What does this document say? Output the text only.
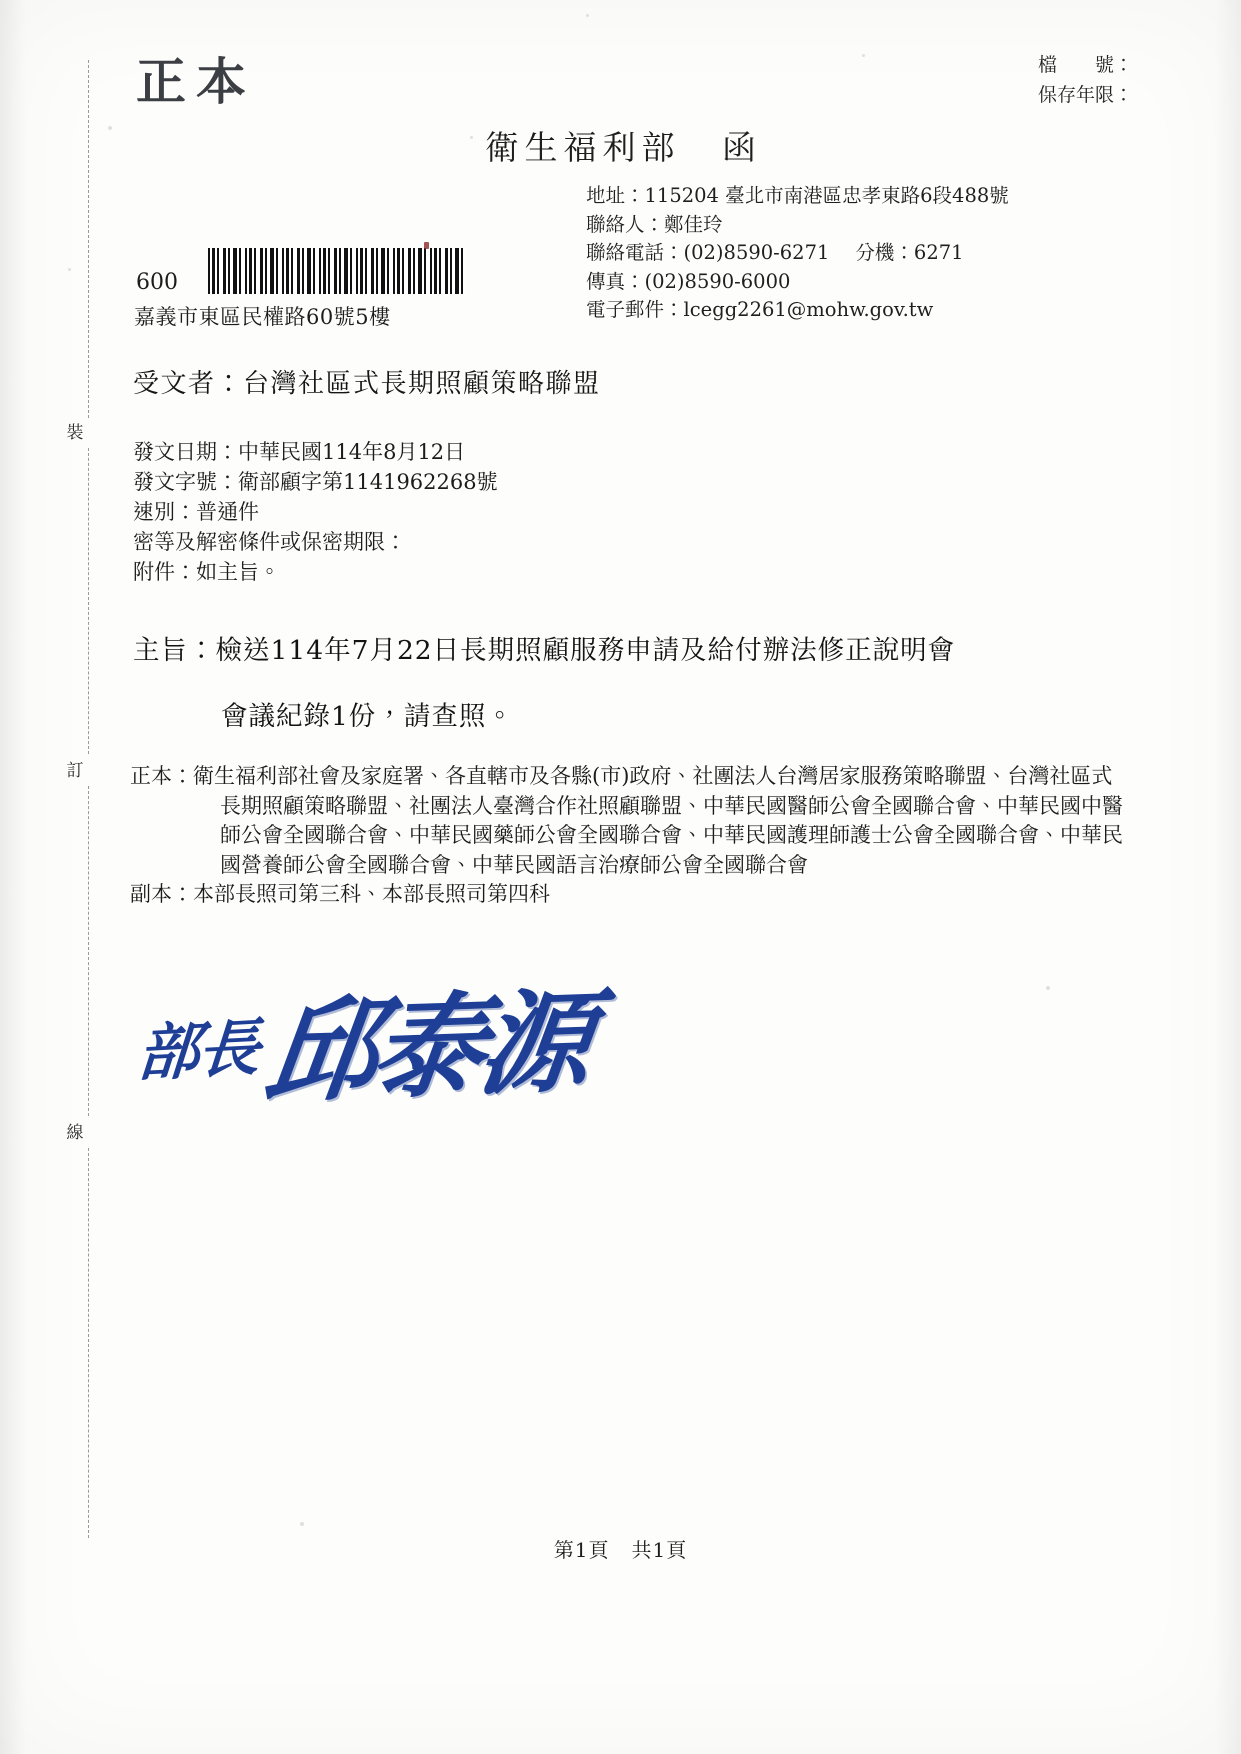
裝
訂
線
正本	檔　　號：
保存年限：
衛生福利部 函
地址：115204 臺北市南港區忠孝東路6段488號
聯絡人：鄭佳玲
聯絡電話：(02)8590-6271 分機：6271
傳真：(02)8590-6000
電子郵件：lcegg2261@mohw.gov.tw
600
嘉義市東區民權路60號5樓
受文者：台灣社區式長期照顧策略聯盟
發文日期：中華民國114年8月12日
發文字號：衛部顧字第1141962268號
速別：普通件
密等及解密條件或保密期限：
附件：如主旨。
主旨：檢送114年7月22日長期照顧服務申請及給付辦法修正說明會
會議紀錄1份，請查照。
正本：衛生福利部社會及家庭署、各直轄市及各縣(市)政府、社團法人台灣居家服務策略聯盟、台灣社區式長期照顧策略聯盟、社團法人臺灣合作社照顧聯盟、中華民國醫師公會全國聯合會、中華民國中醫師公會全國聯合會、中華民國藥師公會全國聯合會、中華民國護理師護士公會全國聯合會、中華民國營養師公會全國聯合會、中華民國語言治療師公會全國聯合會
副本：本部長照司第三科、本部長照司第四科
部長邱泰源
第1頁 共1頁
